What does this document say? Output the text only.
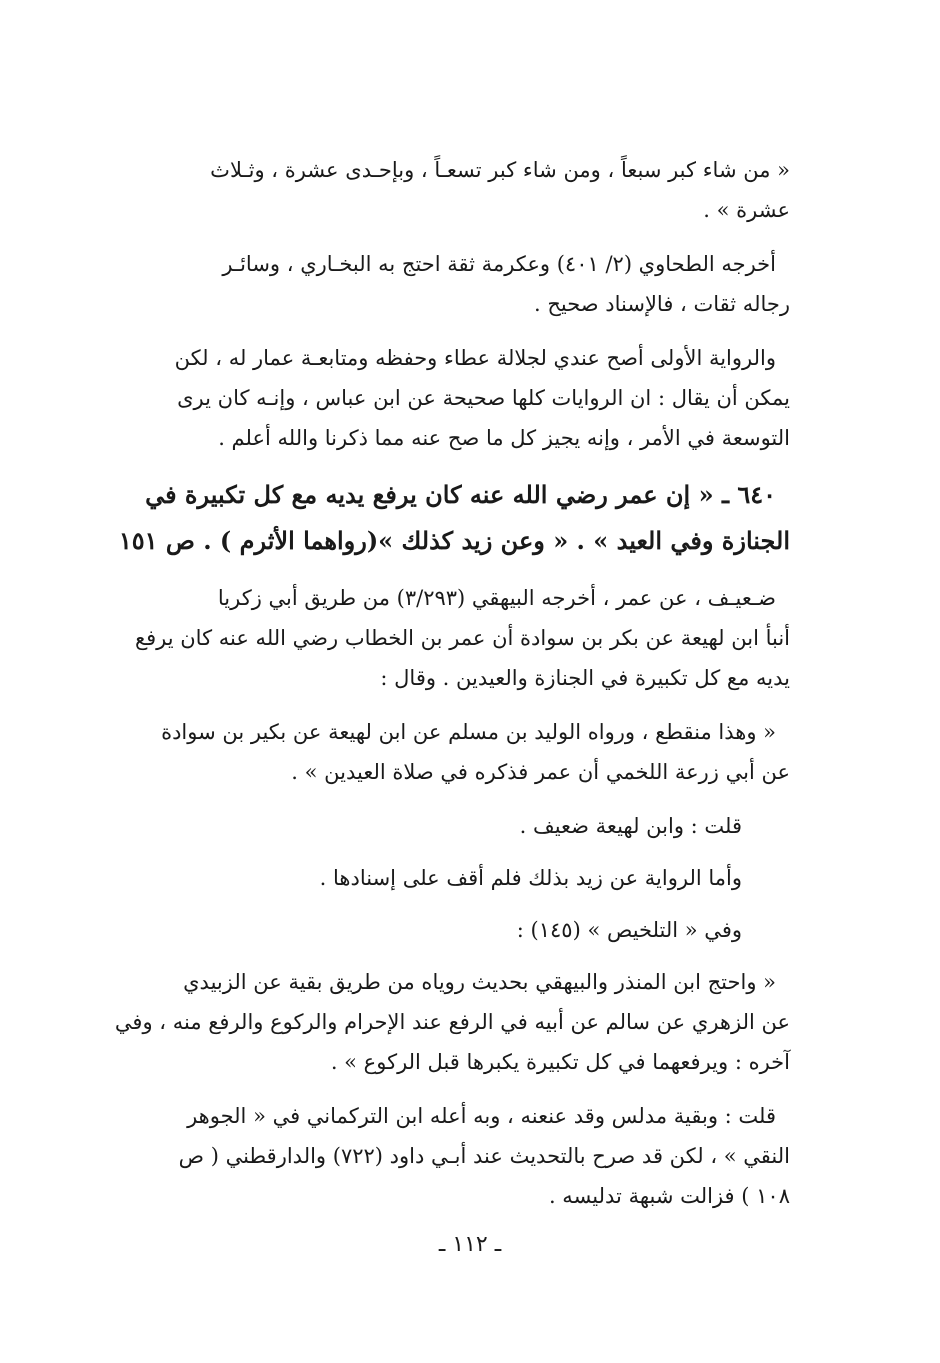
« من شاء كبر سبعاً ، ومن شاء كبر تسعـاً ، وبإحـدى عشرة ، وثـلاث
عشرة » .

أخرجه الطحاوي (٢/ ٤٠١) وعكرمة ثقة احتج به البخـاري ، وسائـر
رجاله ثقات ، فالإسناد صحيح .

والرواية الأولى أصح عندي لجلالة عطاء وحفظه ومتابعـة عمار له ، لكن
يمكن أن يقال : ان الروايات كلها صحيحة عن ابن عباس ، وإنـه كان يرى
التوسعة في الأمر ، وإنه يجيز كل ما صح عنه مما ذكرنا والله أعلم .

٦٤٠ ـ « إن عمر رضي الله عنه كان يرفع يديه مع كل تكبيرة في
الجنازة وفي العيد » . « وعن زيد كذلك »(رواهما الأثرم ) . ص ١٥١

ضـعيـف ، عن عمر ، أخرجه البيهقي (٣/٢٩٣) من طريق أبي زكريا
أنبأ ابن لهيعة عن بكر بن سوادة أن عمر بن الخطاب رضي الله عنه كان يرفع
يديه مع كل تكبيرة في الجنازة والعيدين . وقال :

« وهذا منقطع ، ورواه الوليد بن مسلم عن ابن لهيعة عن بكير بن سوادة
عن أبي زرعة اللخمي أن عمر فذكره في صلاة العيدين » .

قلت : وابن لهيعة ضعيف .

وأما الرواية عن زيد بذلك فلم أقف على إسنادها .

وفي « التلخيص » (١٤٥) :

« واحتج ابن المنذر والبيهقي بحديث روياه من طريق بقية عن الزبيدي
عن الزهري عن سالم عن أبيه في الرفع عند الإحرام والركوع والرفع منه ، وفي
آخره : ويرفعهما في كل تكبيرة يكبرها قبل الركوع » .

قلت : وبقية مدلس وقد عنعنه ، وبه أعله ابن التركماني في « الجوهر
النقي » ، لكن قد صرح بالتحديث عند أبـي داود (٧٢٢) والدارقطني ( ص
١٠٨ ) فزالت شبهة تدليسه .

ـ ١١٢ ـ
